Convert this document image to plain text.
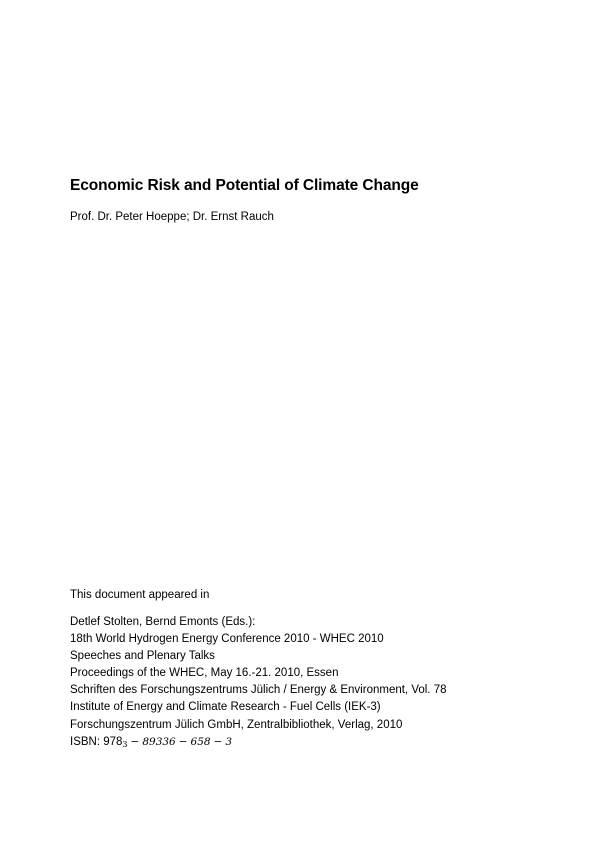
Economic Risk and Potential of Climate Change
Prof. Dr. Peter Hoeppe; Dr. Ernst Rauch
This document appeared in
Detlef Stolten, Bernd Emonts (Eds.):
18th World Hydrogen Energy Conference 2010 - WHEC 2010
Speeches and Plenary Talks
Proceedings of the WHEC, May 16.-21. 2010, Essen
Schriften des Forschungszentrums Jülich / Energy & Environment, Vol. 78
Institute of Energy and Climate Research - Fuel Cells (IEK-3)
Forschungszentrum Jülich GmbH, Zentralbibliothek, Verlag, 2010
ISBN: 9783 − 89336 − 658 − 3
